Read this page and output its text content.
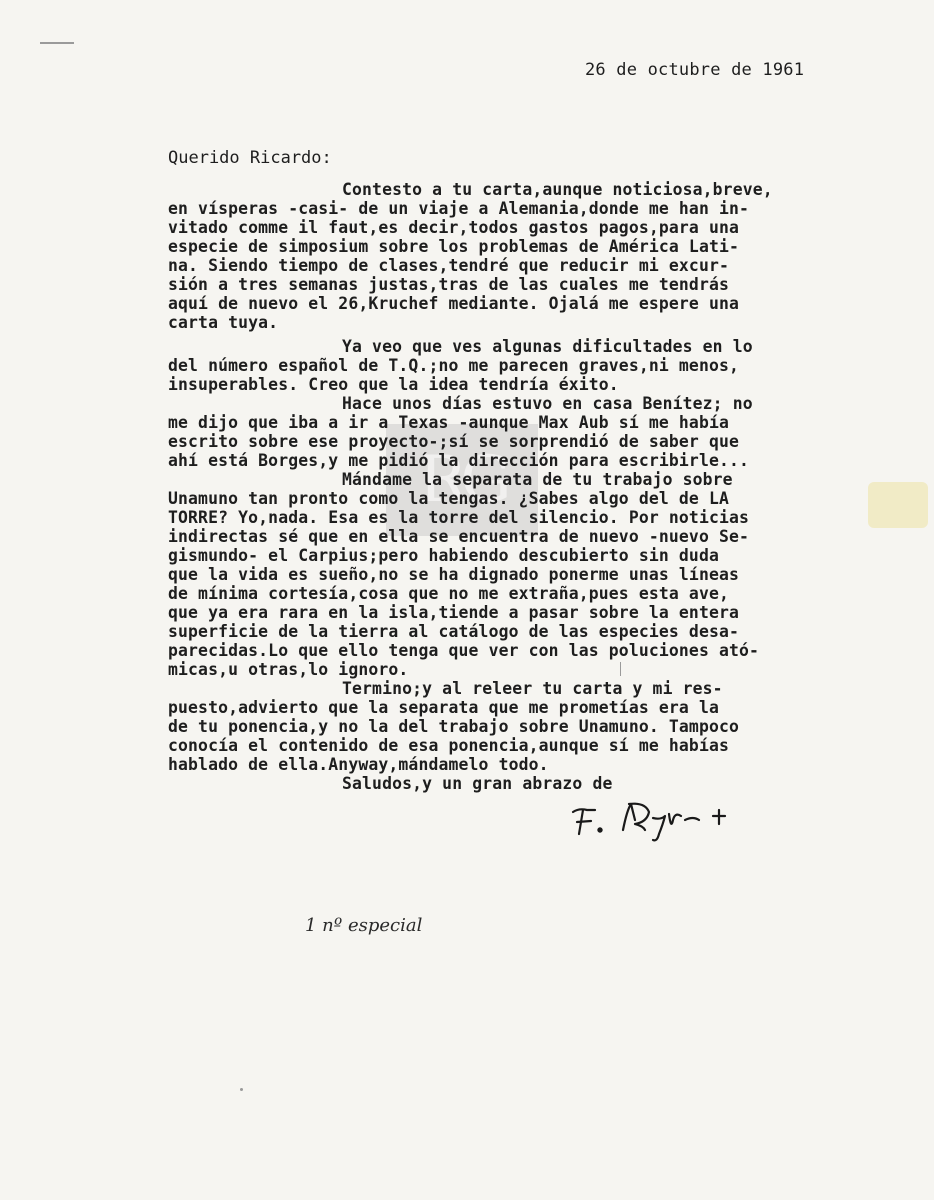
RG
26 de octubre de 1961
Querido Ricardo:
Contesto a tu carta,aunque noticiosa,breve,
en vísperas -casi- de un viaje a Alemania,donde me han in-
vitado comme il faut,es decir,todos gastos pagos,para una
especie de simposium sobre los problemas de América Lati-
na. Siendo tiempo de clases,tendré que reducir mi excur-
sión a tres semanas justas,tras de las cuales me tendrás
aquí de nuevo el 26,Kruchef mediante. Ojalá me espere una
carta tuya.
Ya veo que ves algunas dificultades en lo
del número español de T.Q.;no me parecen graves,ni menos,
insuperables. Creo que la idea tendría éxito.
Hace unos días estuvo en casa Benítez; no
me dijo que iba a ir a Texas -aunque Max Aub sí me había
escrito sobre ese proyecto-;sí se sorprendió de saber que
ahí está Borges,y me pidió la dirección para escribirle...
Mándame la separata de tu trabajo sobre
Unamuno tan pronto como la tengas. ¿Sabes algo del de LA
TORRE? Yo,nada. Esa es la torre del silencio. Por noticias
indirectas sé que en ella se encuentra de nuevo -nuevo Se-
gismundo- el Carpius;pero habiendo descubierto sin duda
que la vida es sueño,no se ha dignado ponerme unas líneas
de mínima cortesía,cosa que no me extraña,pues esta ave,
que ya era rara en la isla,tiende a pasar sobre la entera
superficie de la tierra al catálogo de las especies desa-
parecidas.Lo que ello tenga que ver con las poluciones ató-
micas,u otras,lo ignoro.
Termino;y al releer tu carta y mi res-
puesto,advierto que la separata que me prometías era la
de tu ponencia,y no la del trabajo sobre Unamuno. Tampoco
conocía el contenido de esa ponencia,aunque sí me habías
hablado de ella.Anyway,mándamelo todo.
Saludos,y un gran abrazo de
1 nº especial
